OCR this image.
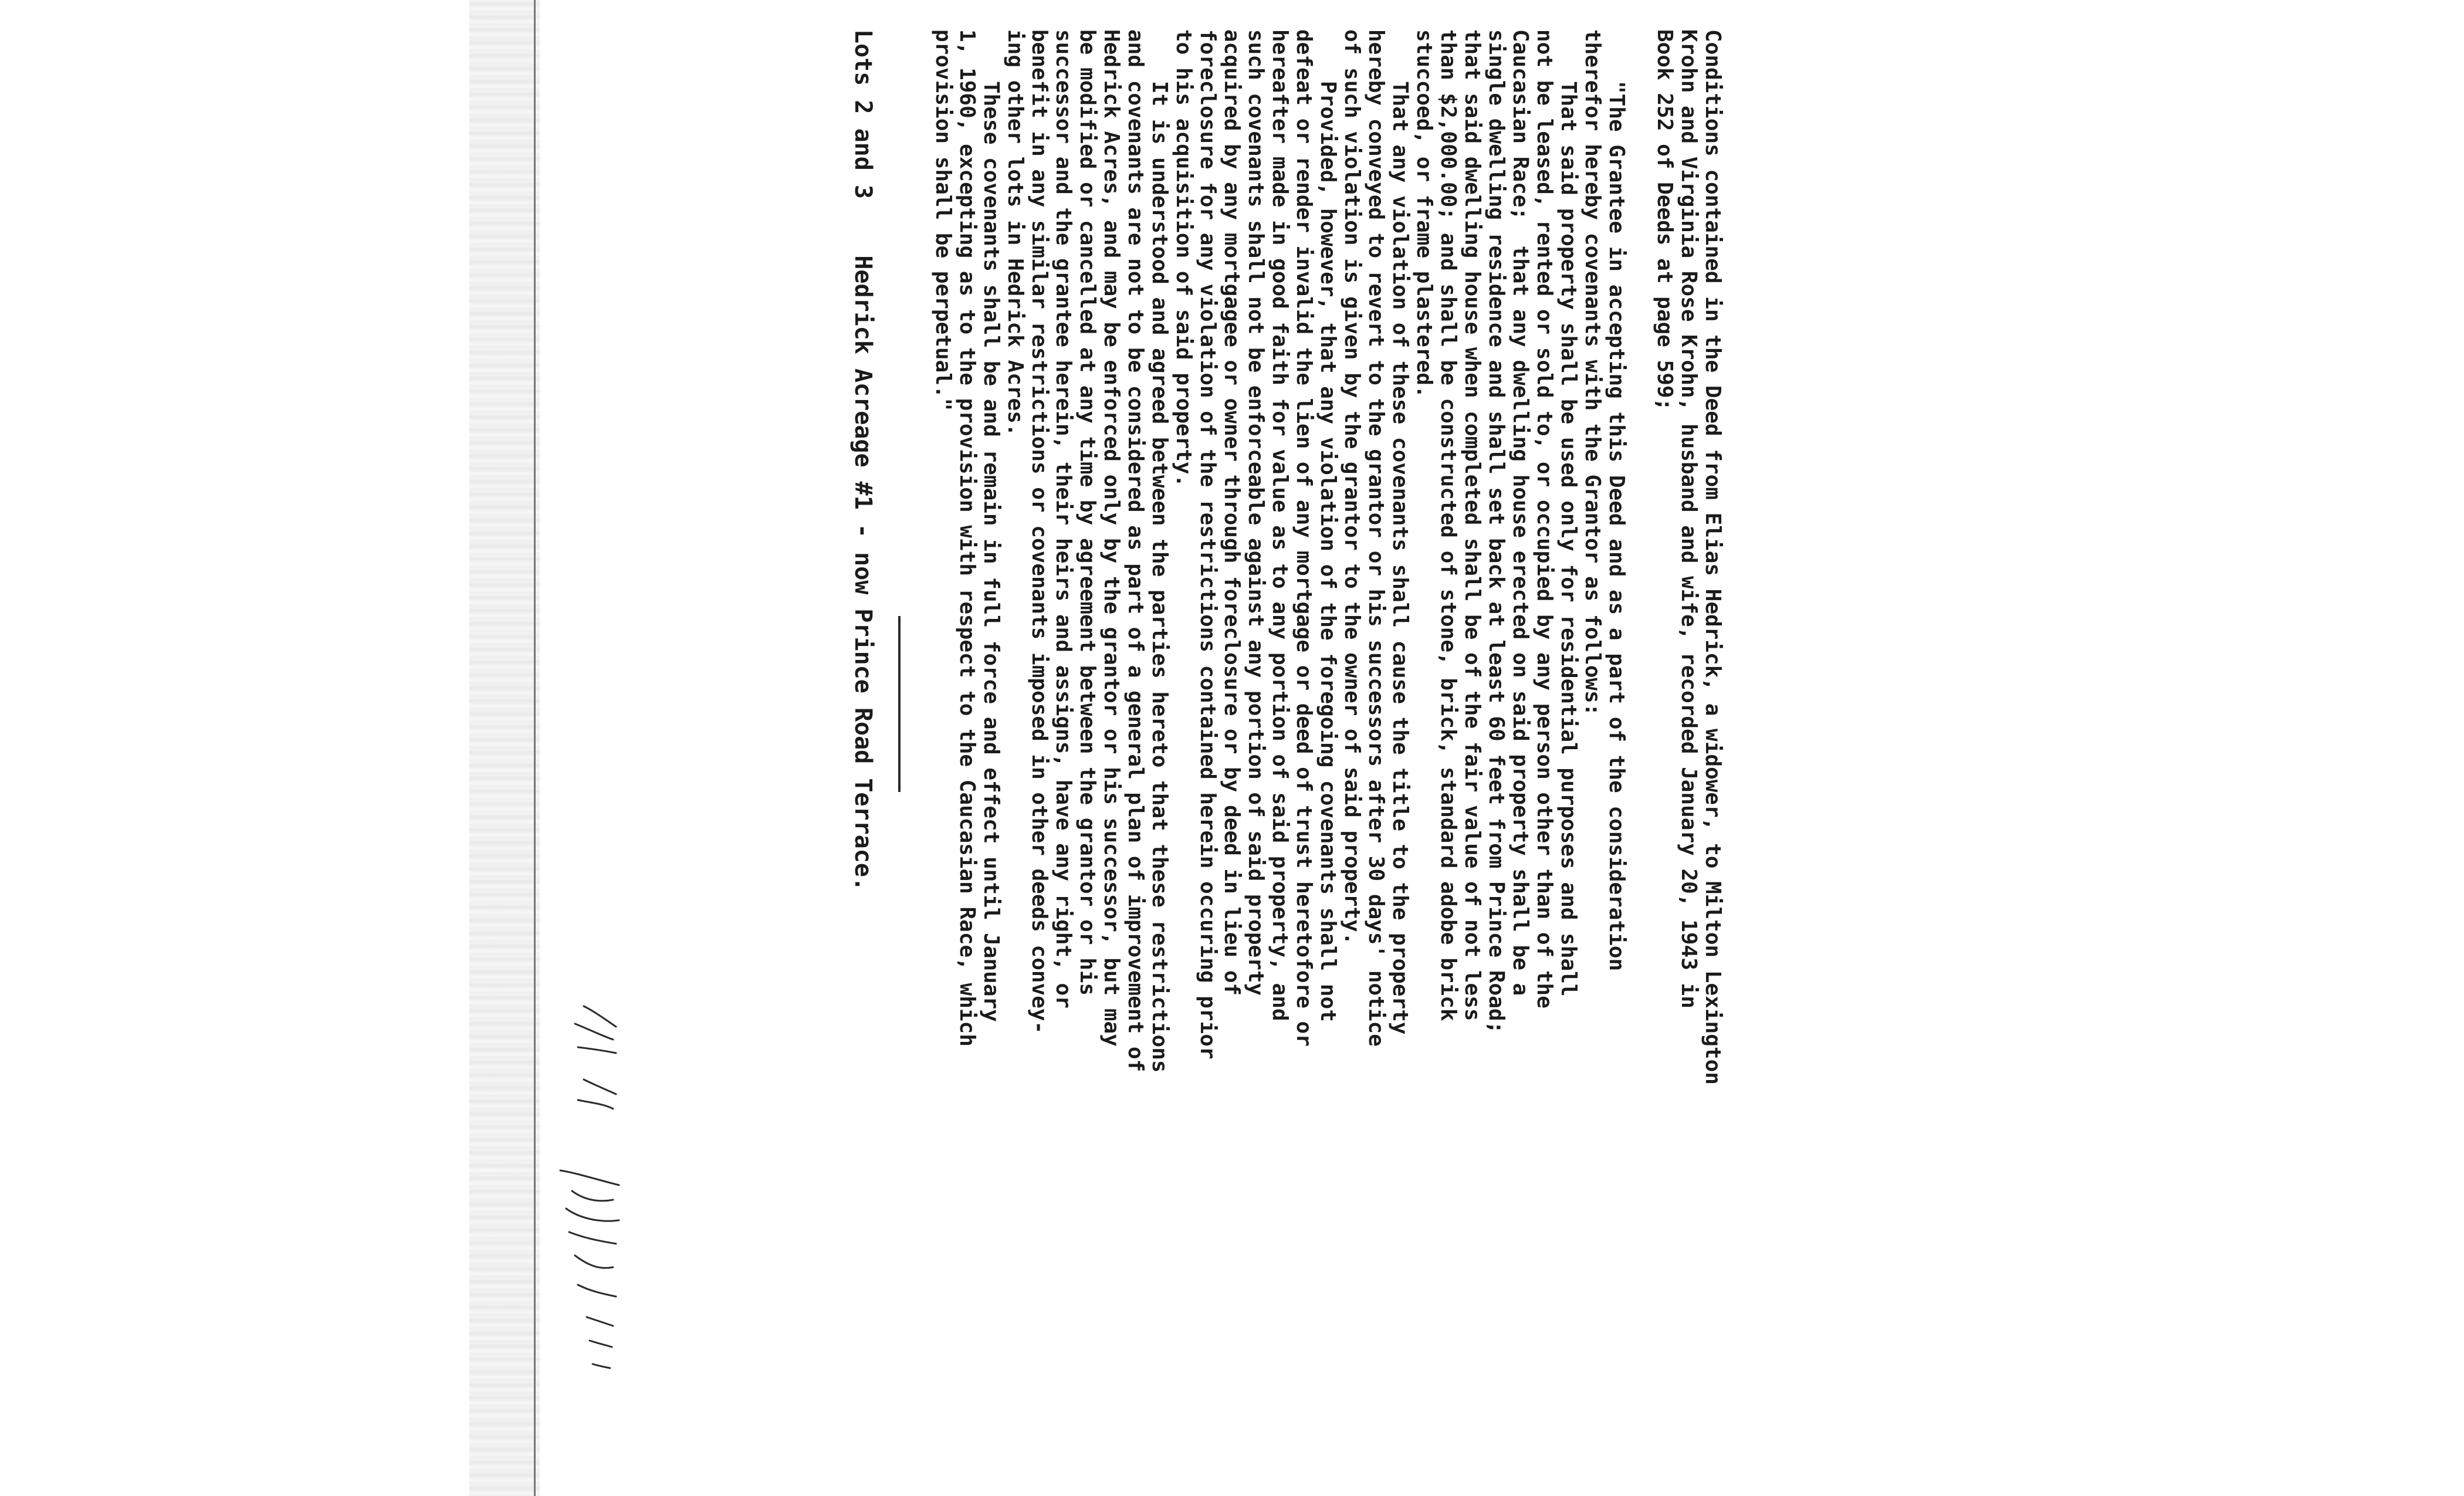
Conditions contained in the Deed from Elias Hedrick, a widower, to Milton Lexington
Krohn and Virginia Rose Krohn, husband and wife, recorded January 20, 1943 in
Book 252 of Deeds at page 599;
"The Grantee in accepting this Deed and as a part of the consideration
therefor hereby covenants with the Grantor as follows:
That said property shall be used only for residential purposes and shall
not be leased, rented or sold to, or occupied by any person other than of the
Caucasian Race;  that any dwelling house erected on said property shall be a
single dwelling residence and shall set back at least 60 feet from Prince Road;
that said dwelling house when completed shall be of the fair value of not less
than $2,000.00; and shall be constructed of stone, brick, standard adobe brick
stuccoed, or frame plastered.
That any violation of these covenants shall cause the title to the property
hereby conveyed to revert to the grantor or his successors after 30 days' notice
of such violation is given by the grantor to the owner of said property.
Provided, however, that any violation of the foregoing covenants shall not
defeat or render invalid the lien of any mortgage or deed of trust heretofore or
hereafter made in good faith for value as to any portion of said property, and
such covenants shall not be enforceable against any portion of said property
acquired by any mortgagee or owner through foreclosure or by deed in lieu of
foreclosure for any violation of the restrictions contained herein occuring prior
to his acquisition of said property.
It is understood and agreed between the parties hereto that these restrictions
and covenants are not to be considered as part of a general plan of improvement of
Hedrick Acres, and may be enforced only by the grantor or his successor, but may
be modified or cancelled at any time by agreement between the grantor or his
successor and the grantee herein, their heirs and assigns, have any right, or
benefit in any similar restrictions or covenants imposed in other deeds convey-
ing other lots in Hedrick Acres.
These covenants shall be and remain in full force and effect until January
1, 1960, excepting as to the provision with respect to the Caucasian Race, which
provision shall be perpetual."
Lots 2 and 3    Hedrick Acreage #1 - now Prince Road Terrace.
